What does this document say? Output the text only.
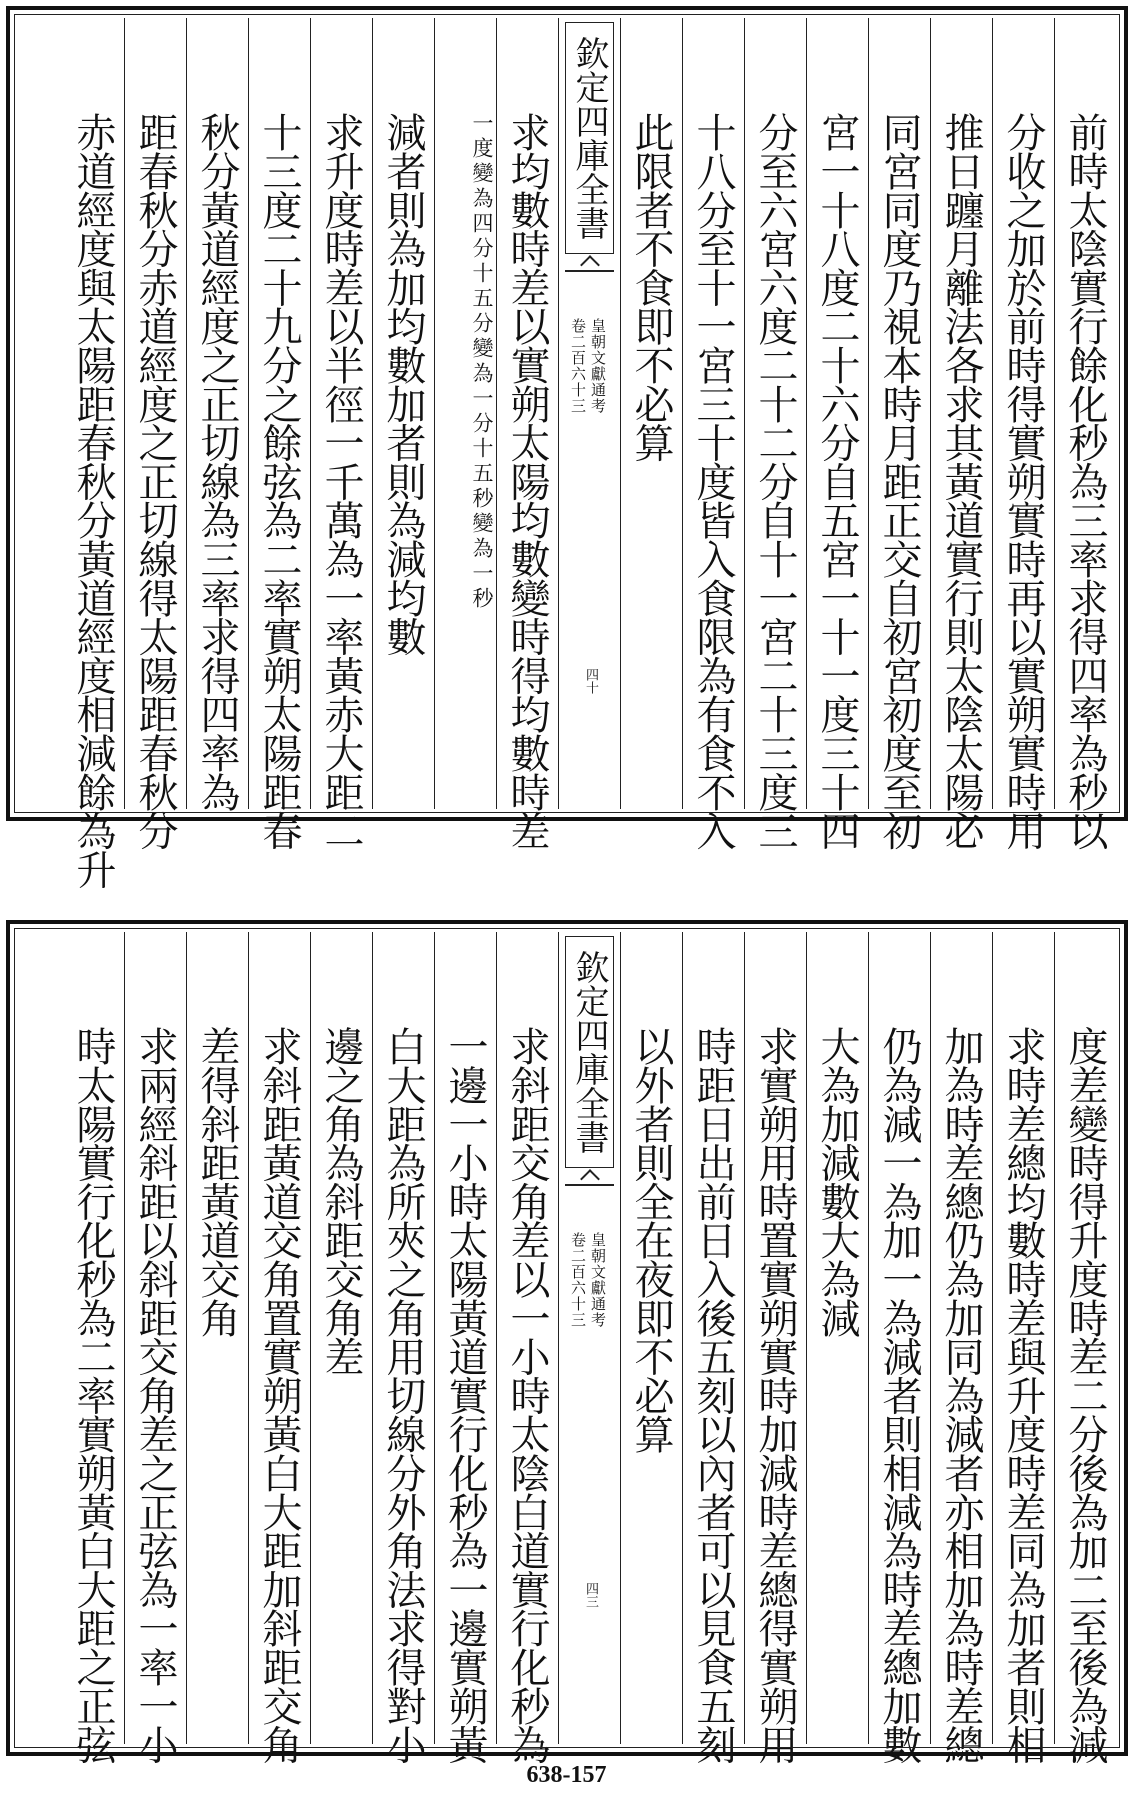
前時太陰實行餘化秒為三率求得四率為秒以
分收之加於前時得實朔實時再以實朔實時用
推日躔月離法各求其黃道實行則太陰太陽必
同宮同度乃視本時月距正交自初宮初度至初
宮一十八度二十六分自五宮一十一度三十四
分至六宮六度二十二分自十一宮二十三度三
十八分至十一宮三十度皆入食限為有食不入
此限者不食即不必算
欽定四庫全書
皇朝文獻通考
卷二百六十三
四十
求均數時差以實朔太陽均數變時得均數時差
一度變為四分十五分變為一分十五秒變為一秒
減者則為加均數加者則為減均數
求升度時差以半徑一千萬為一率黃赤大距二
十三度二十九分之餘弦為二率實朔太陽距春
秋分黃道經度之正切線為三率求得四率為
距春秋分赤道經度之正切線得太陽距春秋分
赤道經度與太陽距春秋分黃道經度相減餘為升
度差變時得升度時差二分後為加二至後為減
求時差總均數時差與升度時差同為加者則相
加為時差總仍為加同為減者亦相加為時差總
仍為減一為加一為減者則相減為時差總加數
大為加減數大為減
求實朔用時置實朔實時加減時差總得實朔用
時距日出前日入後五刻以內者可以見食五刻
以外者則全在夜即不必算
欽定四庫全書
皇朝文獻通考
卷二百六十三
四三
求斜距交角差以一小時太陰白道實行化秒為
一邊一小時太陽黃道實行化秒為一邊實朔黃
白大距為所夾之角用切線分外角法求得對小
邊之角為斜距交角差
求斜距黃道交角置實朔黃白大距加斜距交角
差得斜距黃道交角
求兩經斜距以斜距交角差之正弦為一率一小
時太陽實行化秒為二率實朔黃白大距之正弦
638-157
